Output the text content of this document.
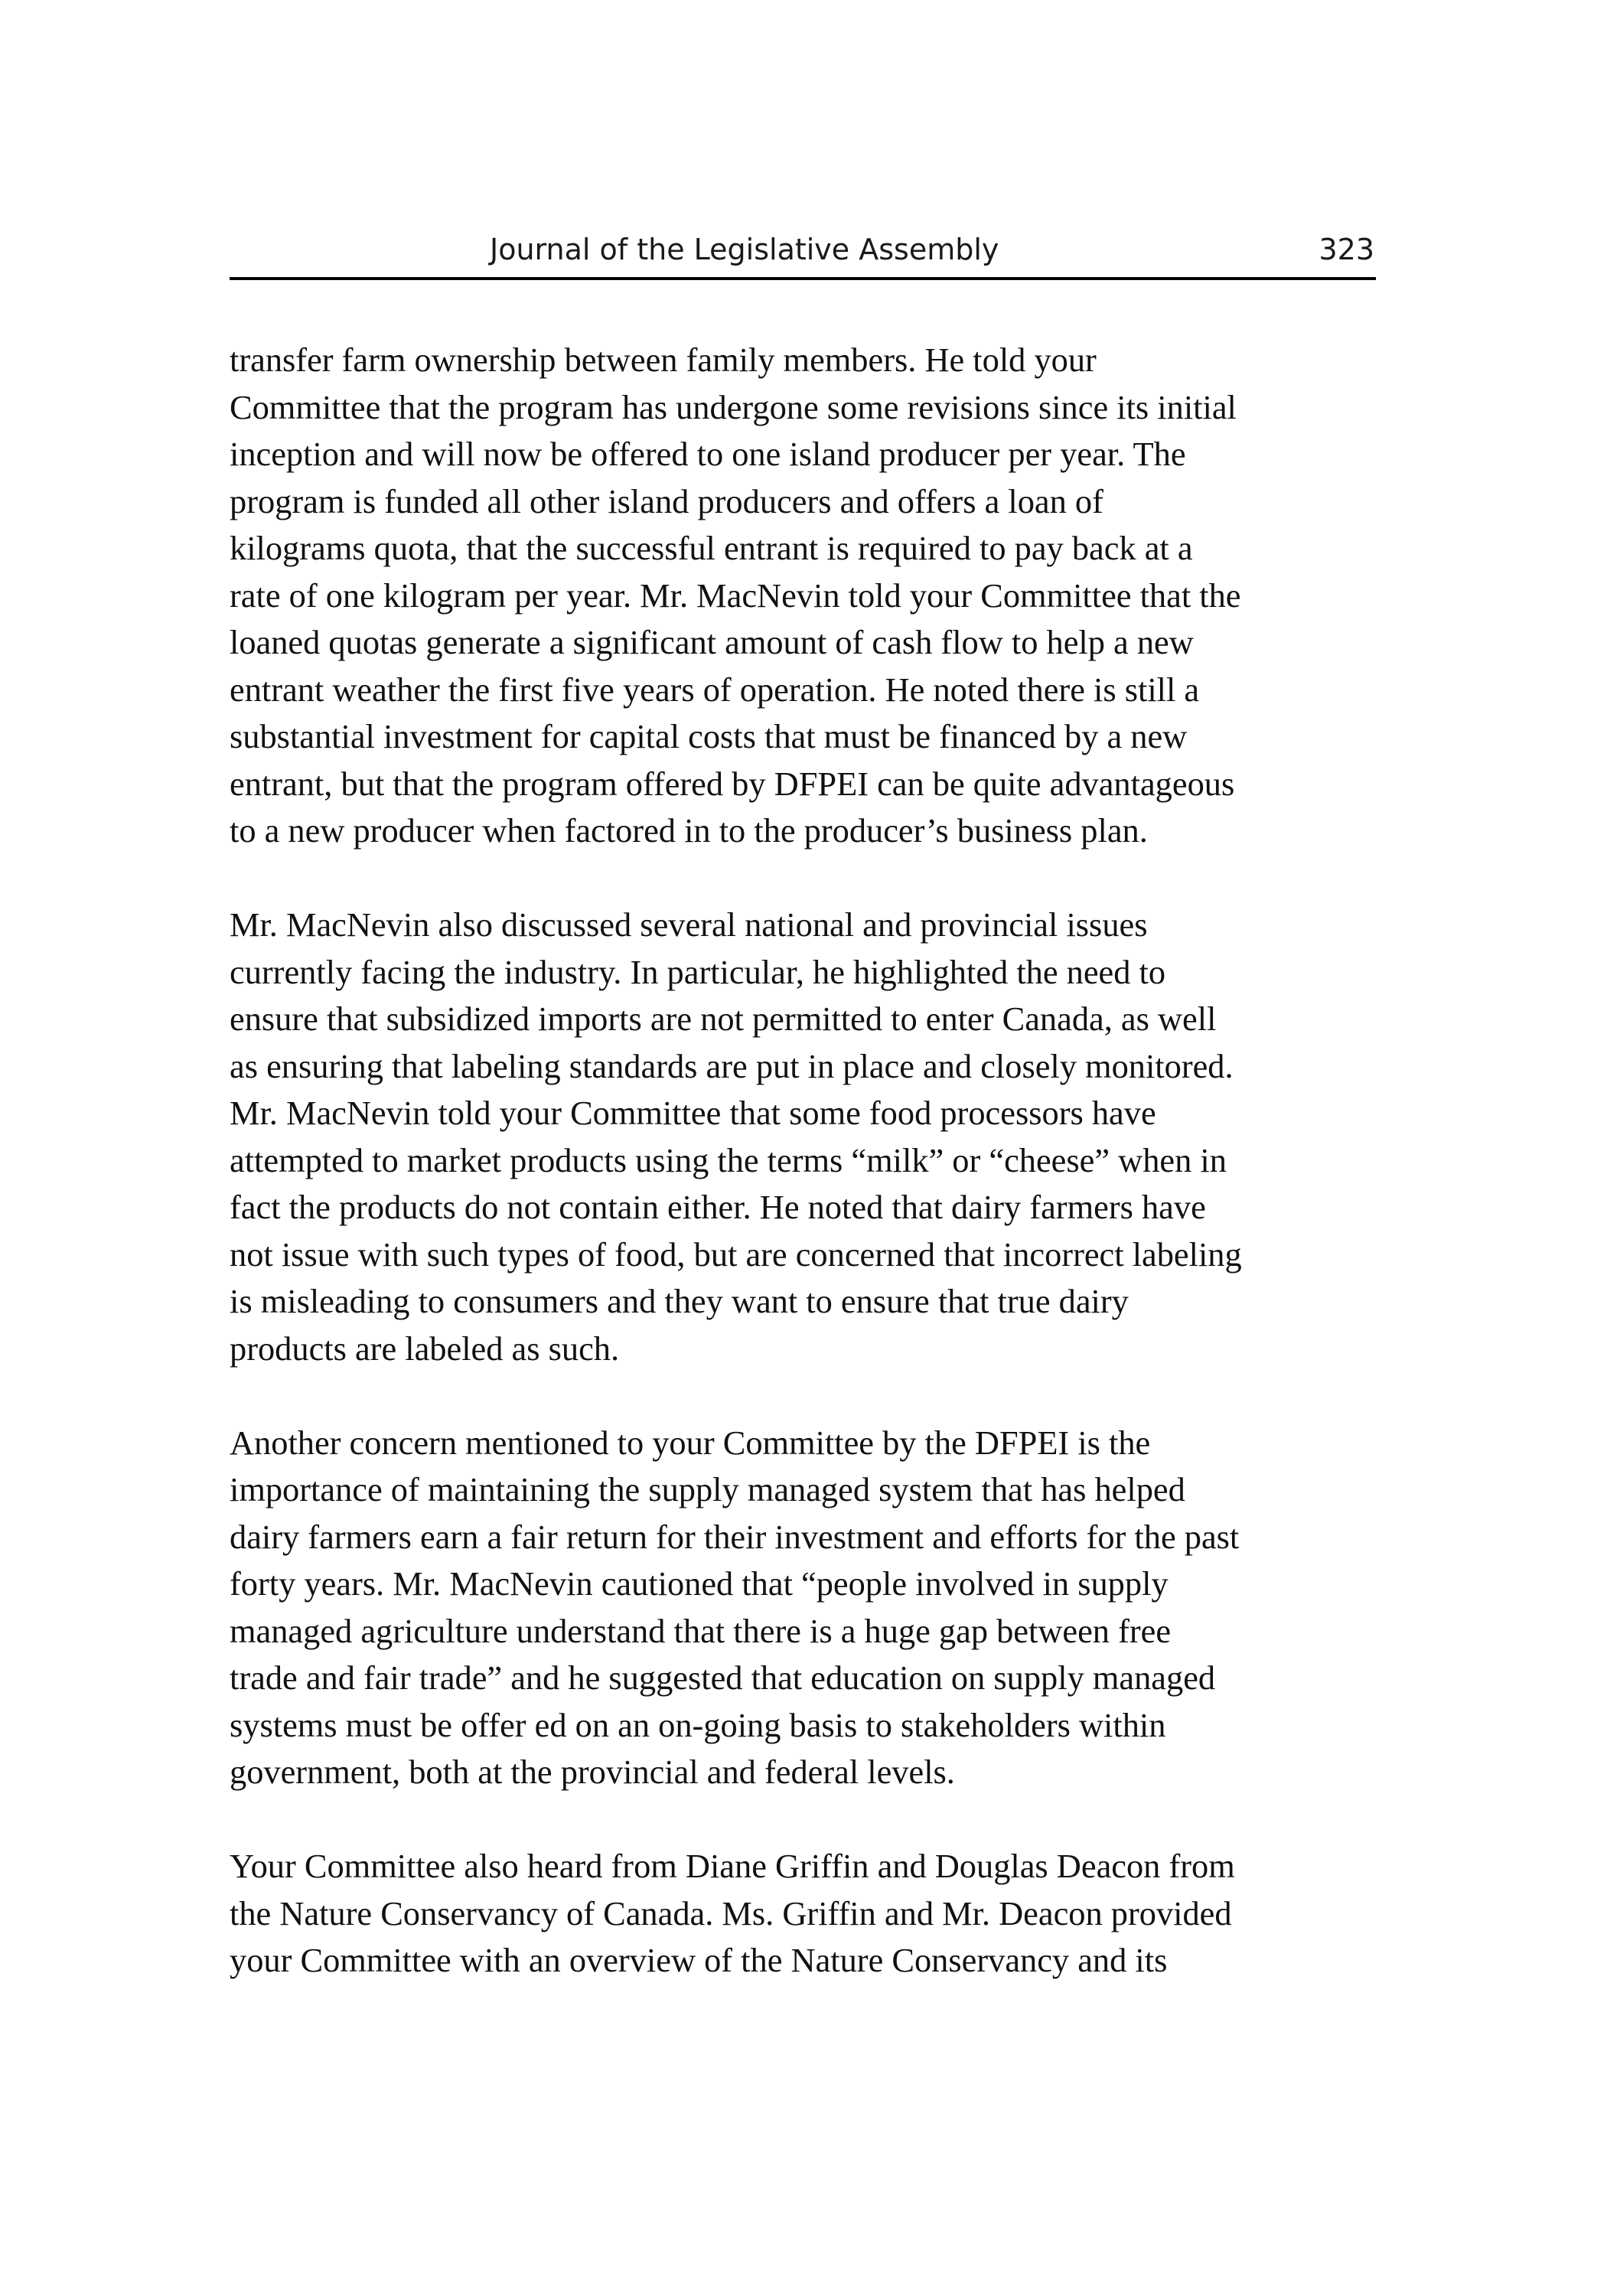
Journal of the Legislative Assembly	323

transfer farm ownership between family members. He told your
Committee that the program has undergone some revisions since its initial
inception and will now be offered to one island producer per year. The
program is funded all other island producers and offers a loan of
kilograms quota, that the successful entrant is required to pay back at a
rate of one kilogram per year. Mr. MacNevin told your Committee that the
loaned quotas generate a significant amount of cash flow to help a new
entrant weather the first five years of operation. He noted there is still a
substantial investment for capital costs that must be financed by a new
entrant, but that the program offered by DFPEI can be quite advantageous
to a new producer when factored in to the producer’s business plan.

Mr. MacNevin also discussed several national and provincial issues
currently facing the industry. In particular, he highlighted the need to
ensure that subsidized imports are not permitted to enter Canada, as well
as ensuring that labeling standards are put in place and closely monitored.
Mr. MacNevin told your Committee that some food processors have
attempted to market products using the terms “milk” or “cheese” when in
fact the products do not contain either. He noted that dairy farmers have
not issue with such types of food, but are concerned that incorrect labeling
is misleading to consumers and they want to ensure that true dairy
products are labeled as such.

Another concern mentioned to your Committee by the DFPEI is the
importance of maintaining the supply managed system that has helped
dairy farmers earn a fair return for their investment and efforts for the past
forty years. Mr. MacNevin cautioned that “people involved in supply
managed agriculture understand that there is a huge gap between free
trade and fair trade” and he suggested that education on supply managed
systems must be offer ed on an on-going basis to stakeholders within
government, both at the provincial and federal levels.

Your Committee also heard from Diane Griffin and Douglas Deacon from
the Nature Conservancy of Canada. Ms. Griffin and Mr. Deacon provided
your Committee with an overview of the Nature Conservancy and its
